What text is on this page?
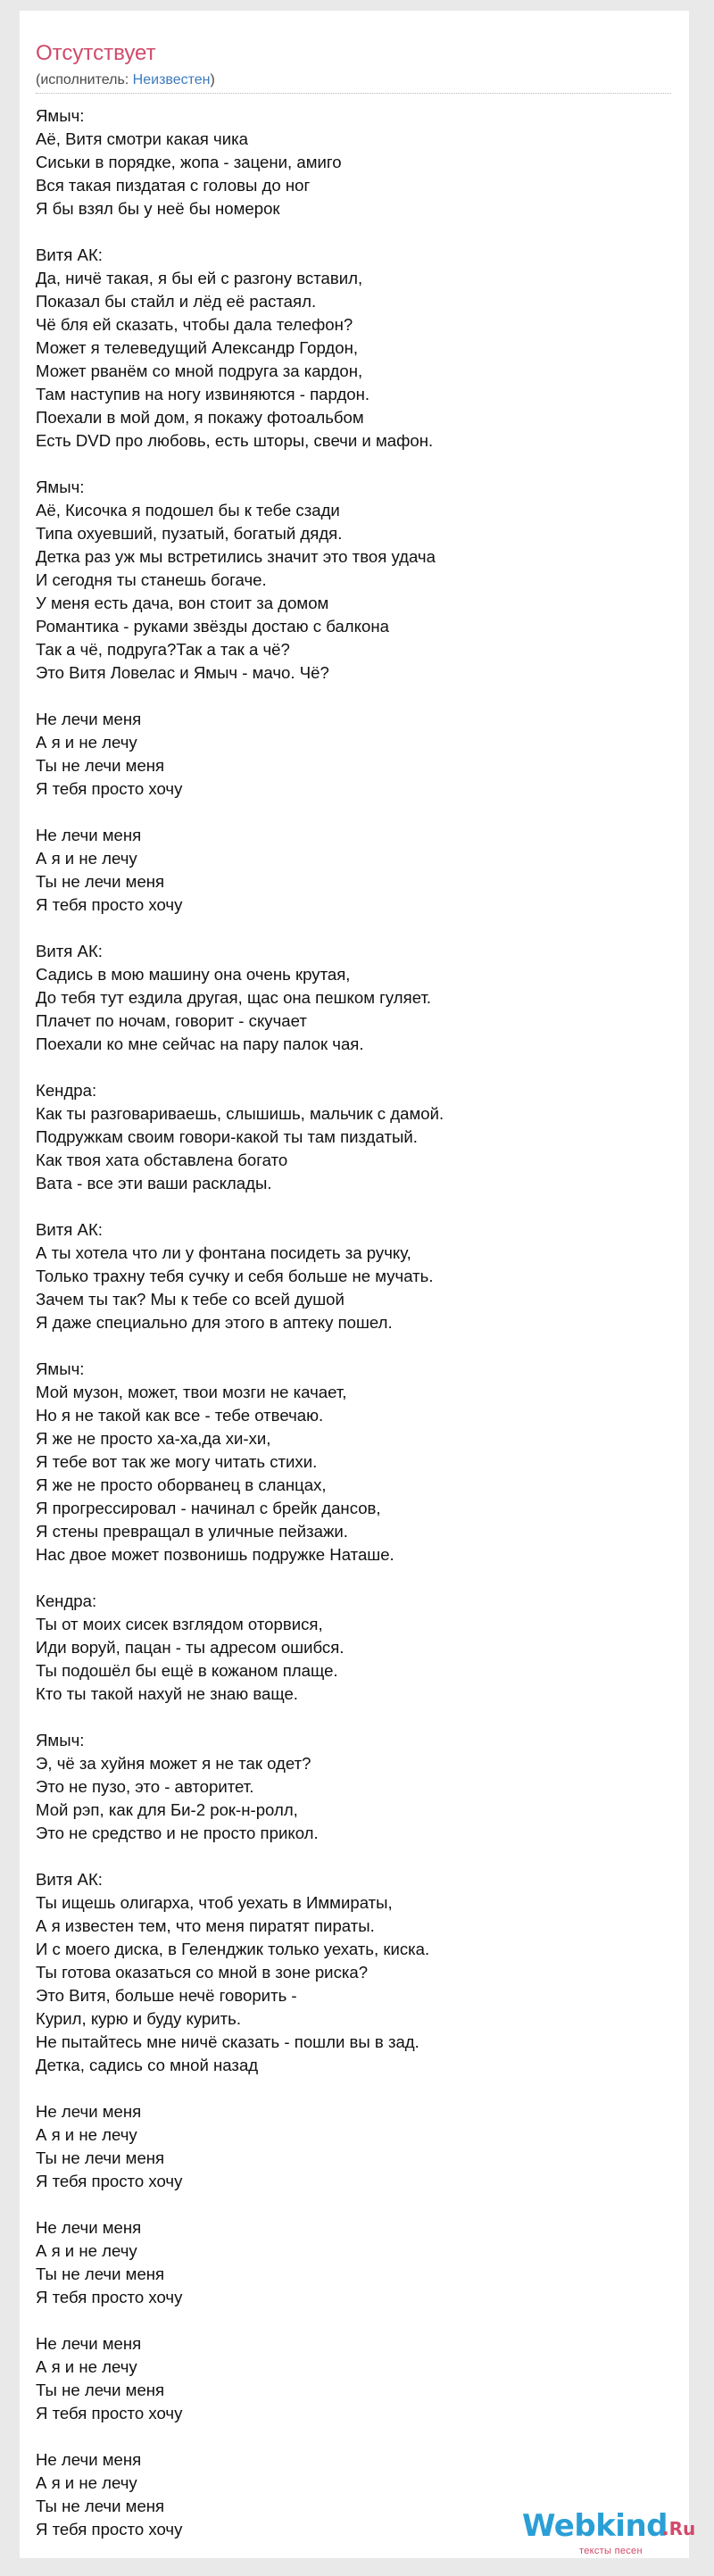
Отсутствует
(исполнитель: Неизвестен)
Ямыч:
Аё, Витя смотри какая чика
Сиськи в порядке, жопа - зацени, амиго
Вся такая пиздатая с головы до ног
Я бы взял бы у неё бы номерок
Витя АК:
Да, ничё такая, я бы ей с разгону вставил,
Показал бы стайл и лёд её растаял.
Чё бля ей сказать, чтобы дала телефон?
Может я телеведущий Александр Гордон,
Может рванём со мной подруга за кардон,
Там наступив на ногу извиняются - пардон.
Поехали в мой дом, я покажу фотоальбом
Есть DVD про любовь, есть шторы, свечи и мафон.
Ямыч:
Аё, Кисочка я подошел бы к тебе сзади
Типа охуевший, пузатый, богатый дядя.
Детка раз уж мы встретились значит это твоя удача
И сегодня ты станешь богаче.
У меня есть дача, вон стоит за домом
Романтика - руками звёзды достаю с балкона
Так а чё, подруга?Так а так а чё?
Это Витя Ловелас и Ямыч - мачо. Чё?
Не лечи меня
А я и не лечу
Ты не лечи меня
Я тебя просто хочу
Не лечи меня
А я и не лечу
Ты не лечи меня
Я тебя просто хочу
Витя АК:
Садись в мою машину она очень крутая,
До тебя тут ездила другая, щас она пешком гуляет.
Плачет по ночам, говорит - скучает
Поехали ко мне сейчас на пару палок чая.
Кендра:
Как ты разговариваешь, слышишь, мальчик с дамой.
Подружкам своим говори-какой ты там пиздатый.
Как твоя хата обставлена богато
Вата - все эти ваши расклады.
Витя АК:
А ты хотела что ли у фонтана посидеть за ручку,
Только трахну тебя сучку и себя больше не мучать.
Зачем ты так? Мы к тебе со всей душой
Я даже специально для этого в аптеку пошел.
Ямыч:
Мой музон, может, твои мозги не качает,
Но я не такой как все - тебе отвечаю.
Я же не просто ха-ха,да хи-хи,
Я тебе вот так же могу читать стихи.
Я же не просто оборванец в сланцах,
Я прогрессировал - начинал с брейк дансов,
Я стены превращал в уличные пейзажи.
Нас двое может позвонишь подружке Наташе.
Кендра:
Ты от моих сисек взглядом оторвися,
Иди воруй, пацан - ты адресом ошибся.
Ты подошёл бы ещё в кожаном плаще.
Кто ты такой нахуй не знаю ваще.
Ямыч:
Э, чё за хуйня может я не так одет?
Это не пузо, это - авторитет.
Мой рэп, как для Би-2 рок-н-ролл,
Это не средство и не просто прикол.
Витя АК:
Ты ищешь олигарха, чтоб уехать в Иммираты,
А я известен тем, что меня пиратят пираты.
И с моего диска, в Геленджик только уехать, киска.
Ты готова оказаться со мной в зоне риска?
Это Витя, больше нечё говорить -
Курил, курю и буду курить.
Не пытайтесь мне ничё сказать - пошли вы в зад.
Детка, садись со мной назад
Не лечи меня
А я и не лечу
Ты не лечи меня
Я тебя просто хочу
Не лечи меня
А я и не лечу
Ты не лечи меня
Я тебя просто хочу
Не лечи меня
А я и не лечу
Ты не лечи меня
Я тебя просто хочу
Не лечи меня
А я и не лечу
Ты не лечи меня
Я тебя просто хочу	Webkind
.Ru
тексты песен
